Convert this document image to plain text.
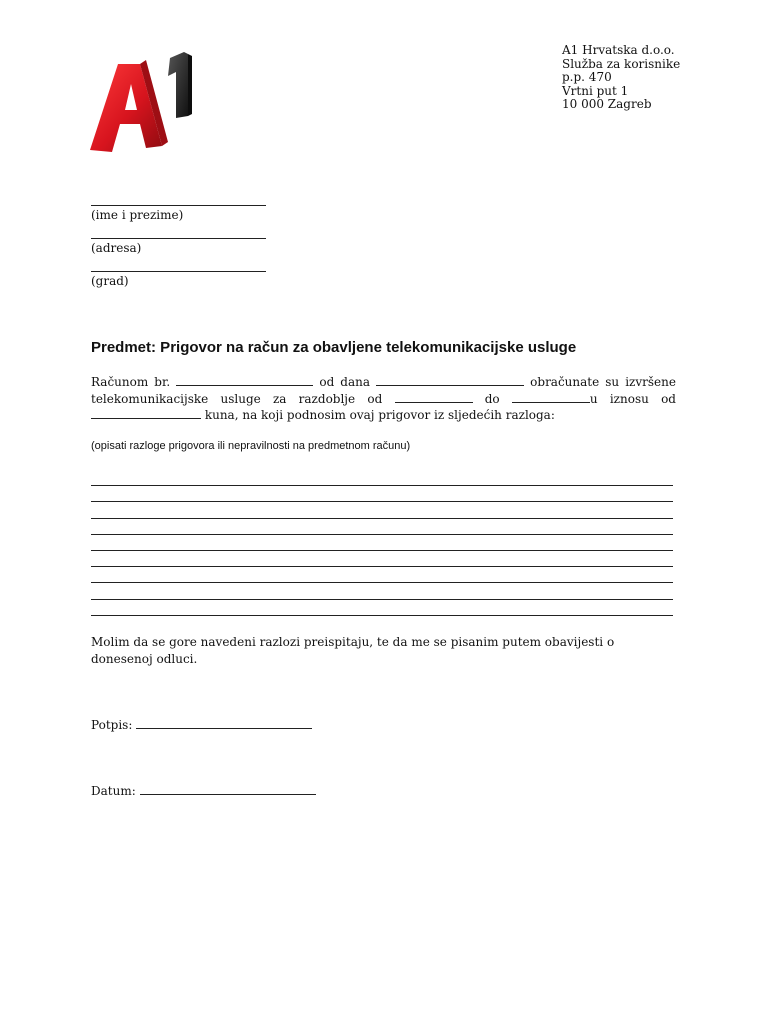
A1 Hrvatska d.o.o.
Služba za korisnike
p.p. 470
Vrtni put 1
10 000 Zagreb
(ime i prezime)
(adresa)
(grad)
Predmet: Prigovor na račun za obavljene telekomunikacijske usluge
Računom br.	od dana	obračunate su izvršene telekomunikacijske usluge za razdoblje od	do	u iznosu od  kuna, na koji podnosim ovaj prigovor iz sljedećih razloga:
(opisati razloge prigovora ili nepravilnosti na predmetnom računu)
Molim da se gore navedeni razlozi preispitaju, te da me se pisanim putem obavijesti o donesenoj odluci.
Potpis:
Datum:
